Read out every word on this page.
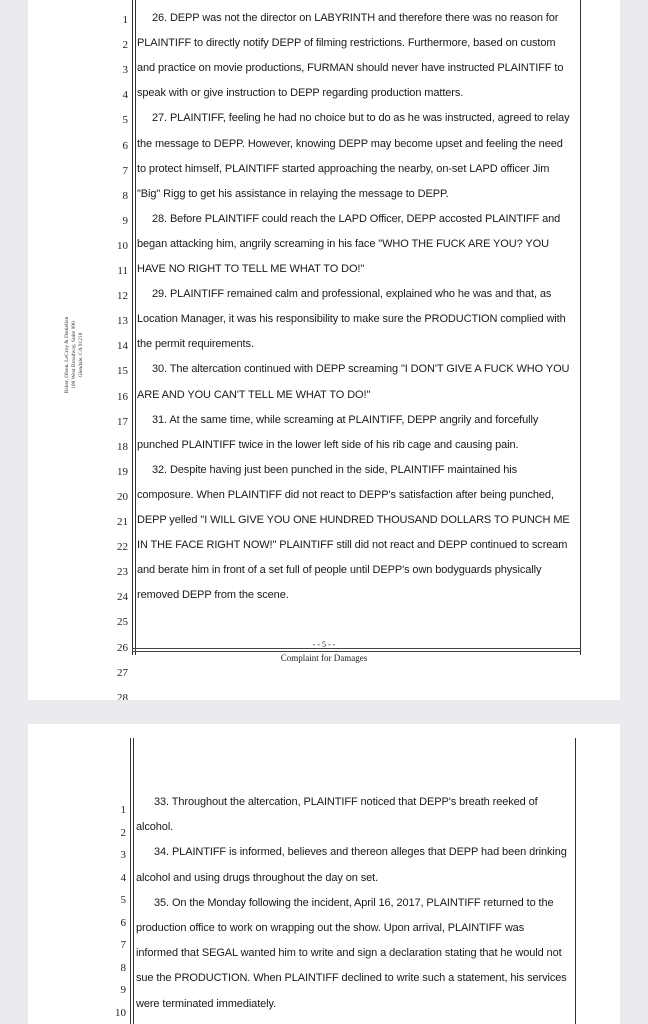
Baker, Olson, LeCroy & Danielian 100 West Broadway, Suite 990 Glendale, CA 91210
1
2
3
4
5
6
7
8
9
10
11
12
13
14
15
16
17
18
19
20
21
22
23
24
25
26
27
28
26. DEPP was not the director on LABYRINTH and therefore there was no reason for
PLAINTIFF to directly notify DEPP of filming restrictions. Furthermore, based on custom
and practice on movie productions, FURMAN should never have instructed PLAINTIFF to
speak with or give instruction to DEPP regarding production matters.
27. PLAINTIFF, feeling he had no choice but to do as he was instructed, agreed to relay
the message to DEPP. However, knowing DEPP may become upset and feeling the need
to protect himself, PLAINTIFF started approaching the nearby, on-set LAPD officer Jim
"Big" Rigg to get his assistance in relaying the message to DEPP.
28. Before PLAINTIFF could reach the LAPD Officer, DEPP accosted PLAINTIFF and
began attacking him, angrily screaming in his face "WHO THE FUCK ARE YOU? YOU
HAVE NO RIGHT TO TELL ME WHAT TO DO!"
29. PLAINTIFF remained calm and professional, explained who he was and that, as
Location Manager, it was his responsibility to make sure the PRODUCTION complied with
the permit requirements.
30. The altercation continued with DEPP screaming "I DON'T GIVE A FUCK WHO YOU
ARE AND YOU CAN'T TELL ME WHAT TO DO!"
31. At the same time, while screaming at PLAINTIFF, DEPP angrily and forcefully
punched PLAINTIFF twice in the lower left side of his rib cage and causing pain.
32. Despite having just been punched in the side, PLAINTIFF maintained his
composure. When PLAINTIFF did not react to DEPP's satisfaction after being punched,
DEPP yelled "I WILL GIVE YOU ONE HUNDRED THOUSAND DOLLARS TO PUNCH ME
IN THE FACE RIGHT NOW!" PLAINTIFF still did not react and DEPP continued to scream
and berate him in front of a set full of people until DEPP's own bodyguards physically
removed DEPP from the scene.
- - 5 - -
Complaint for Damages
1
2
3
4
5
6
7
8
9
10
33. Throughout the altercation, PLAINTIFF noticed that DEPP's breath reeked of
alcohol.
34. PLAINTIFF is informed, believes and thereon alleges that DEPP had been drinking
alcohol and using drugs throughout the day on set.
35. On the Monday following the incident, April 16, 2017, PLAINTIFF returned to the
production office to work on wrapping out the show. Upon arrival, PLAINTIFF was
informed that SEGAL wanted him to write and sign a declaration stating that he would not
sue the PRODUCTION. When PLAINTIFF declined to write such a statement, his services
were terminated immediately.
